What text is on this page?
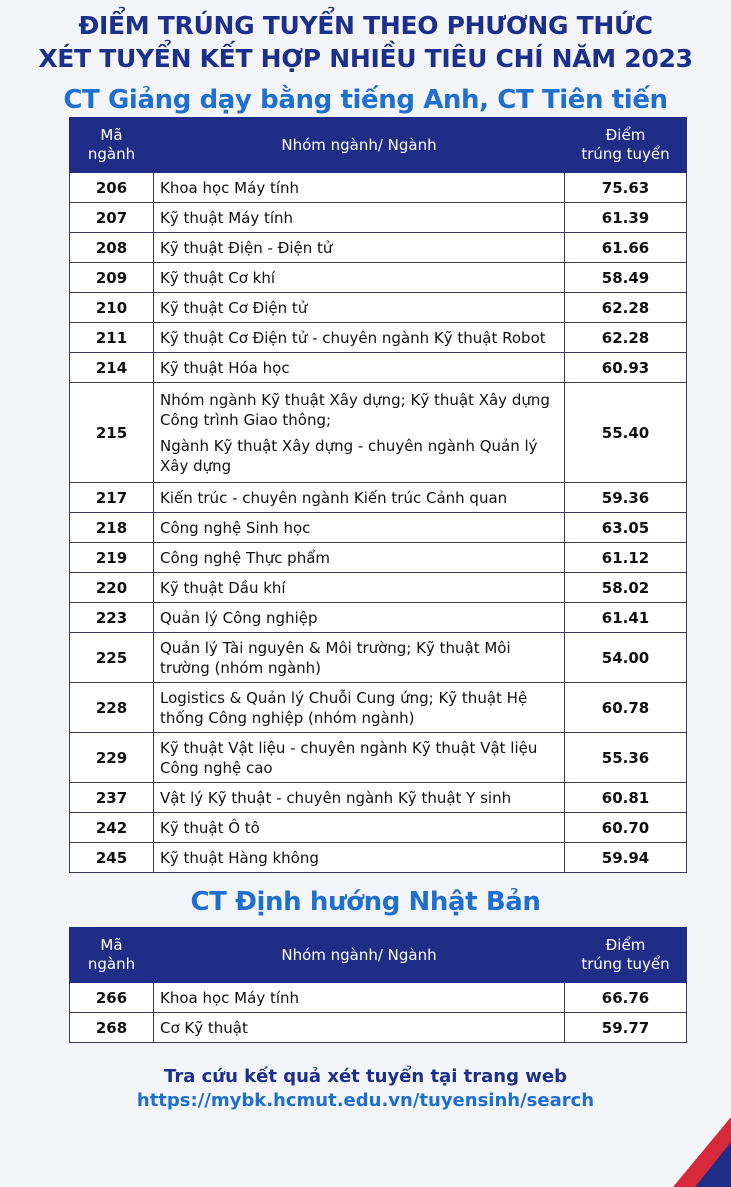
ĐIỂM TRÚNG TUYỂN THEO PHƯƠNG THỨC
XÉT TUYỂN KẾT HỢP NHIỀU TIÊU CHÍ NĂM 2023
CT Giảng dạy bằng tiếng Anh, CT Tiên tiến
Mã
ngành	Nhóm ngành/ Ngành	Điểm
trúng tuyển
206	Khoa học Máy tính	75.63
207	Kỹ thuật Máy tính	61.39
208	Kỹ thuật Điện - Điện tử	61.66
209	Kỹ thuật Cơ khí	58.49
210	Kỹ thuật Cơ Điện tử	62.28
211	Kỹ thuật Cơ Điện tử - chuyên ngành Kỹ thuật Robot	62.28
214	Kỹ thuật Hóa học	60.93
215	Nhóm ngành Kỹ thuật Xây dựng; Kỹ thuật Xây dựng Công trình Giao thông;
Ngành Kỹ thuật Xây dựng - chuyên ngành Quản lý Xây dựng	55.40
217	Kiến trúc - chuyên ngành Kiến trúc Cảnh quan	59.36
218	Công nghệ Sinh học	63.05
219	Công nghệ Thực phẩm	61.12
220	Kỹ thuật Dầu khí	58.02
223	Quản lý Công nghiệp	61.41
225	Quản lý Tài nguyên & Môi trường; Kỹ thuật Môi trường (nhóm ngành)	54.00
228	Logistics & Quản lý Chuỗi Cung ứng; Kỹ thuật Hệ thống Công nghiệp (nhóm ngành)	60.78
229	Kỹ thuật Vật liệu - chuyên ngành Kỹ thuật Vật liệu Công nghệ cao	55.36
237	Vật lý Kỹ thuật - chuyên ngành Kỹ thuật Y sinh	60.81
242	Kỹ thuật Ô tô	60.70
245	Kỹ thuật Hàng không	59.94
CT Định hướng Nhật Bản
Mã
ngành	Nhóm ngành/ Ngành	Điểm
trúng tuyển
266	Khoa học Máy tính	66.76
268	Cơ Kỹ thuật	59.77
Tra cứu kết quả xét tuyển tại trang web
https://mybk.hcmut.edu.vn/tuyensinh/search
